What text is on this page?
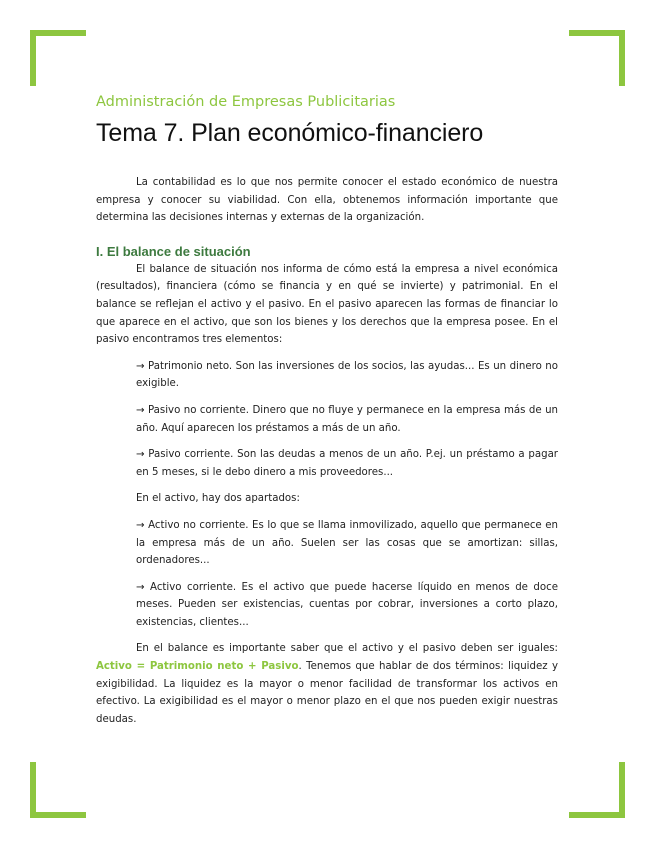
Administración de Empresas Publicitarias

Tema 7. Plan económico-financiero

La contabilidad es lo que nos permite conocer el estado económico de nuestra empresa y conocer su viabilidad. Con ella, obtenemos información importante que determina las decisiones internas y externas de la organización.

I. El balance de situación

El balance de situación nos informa de cómo está la empresa a nivel económica (resultados), financiera (cómo se financia y en qué se invierte) y patrimonial. En el balance se reflejan el activo y el pasivo. En el pasivo aparecen las formas de financiar lo que aparece en el activo, que son los bienes y los derechos que la empresa posee. En el pasivo encontramos tres elementos:

→ Patrimonio neto. Son las inversiones de los socios, las ayudas... Es un dinero no exigible.

→ Pasivo no corriente. Dinero que no fluye y permanece en la empresa más de un año. Aquí aparecen los préstamos a más de un año.

→ Pasivo corriente. Son las deudas a menos de un año. P.ej. un préstamo a pagar en 5 meses, si le debo dinero a mis proveedores...

En el activo, hay dos apartados:

→ Activo no corriente. Es lo que se llama inmovilizado, aquello que permanece en la empresa más de un año. Suelen ser las cosas que se amortizan: sillas, ordenadores...

→ Activo corriente. Es el activo que puede hacerse líquido en menos de doce meses. Pueden ser existencias, cuentas por cobrar, inversiones a corto plazo, existencias, clientes...

En el balance es importante saber que el activo y el pasivo deben ser iguales: Activo = Patrimonio neto + Pasivo. Tenemos que hablar de dos términos: liquidez y exigibilidad. La liquidez es la mayor o menor facilidad de transformar los activos en efectivo. La exigibilidad es el mayor o menor plazo en el que nos pueden exigir nuestras deudas.
